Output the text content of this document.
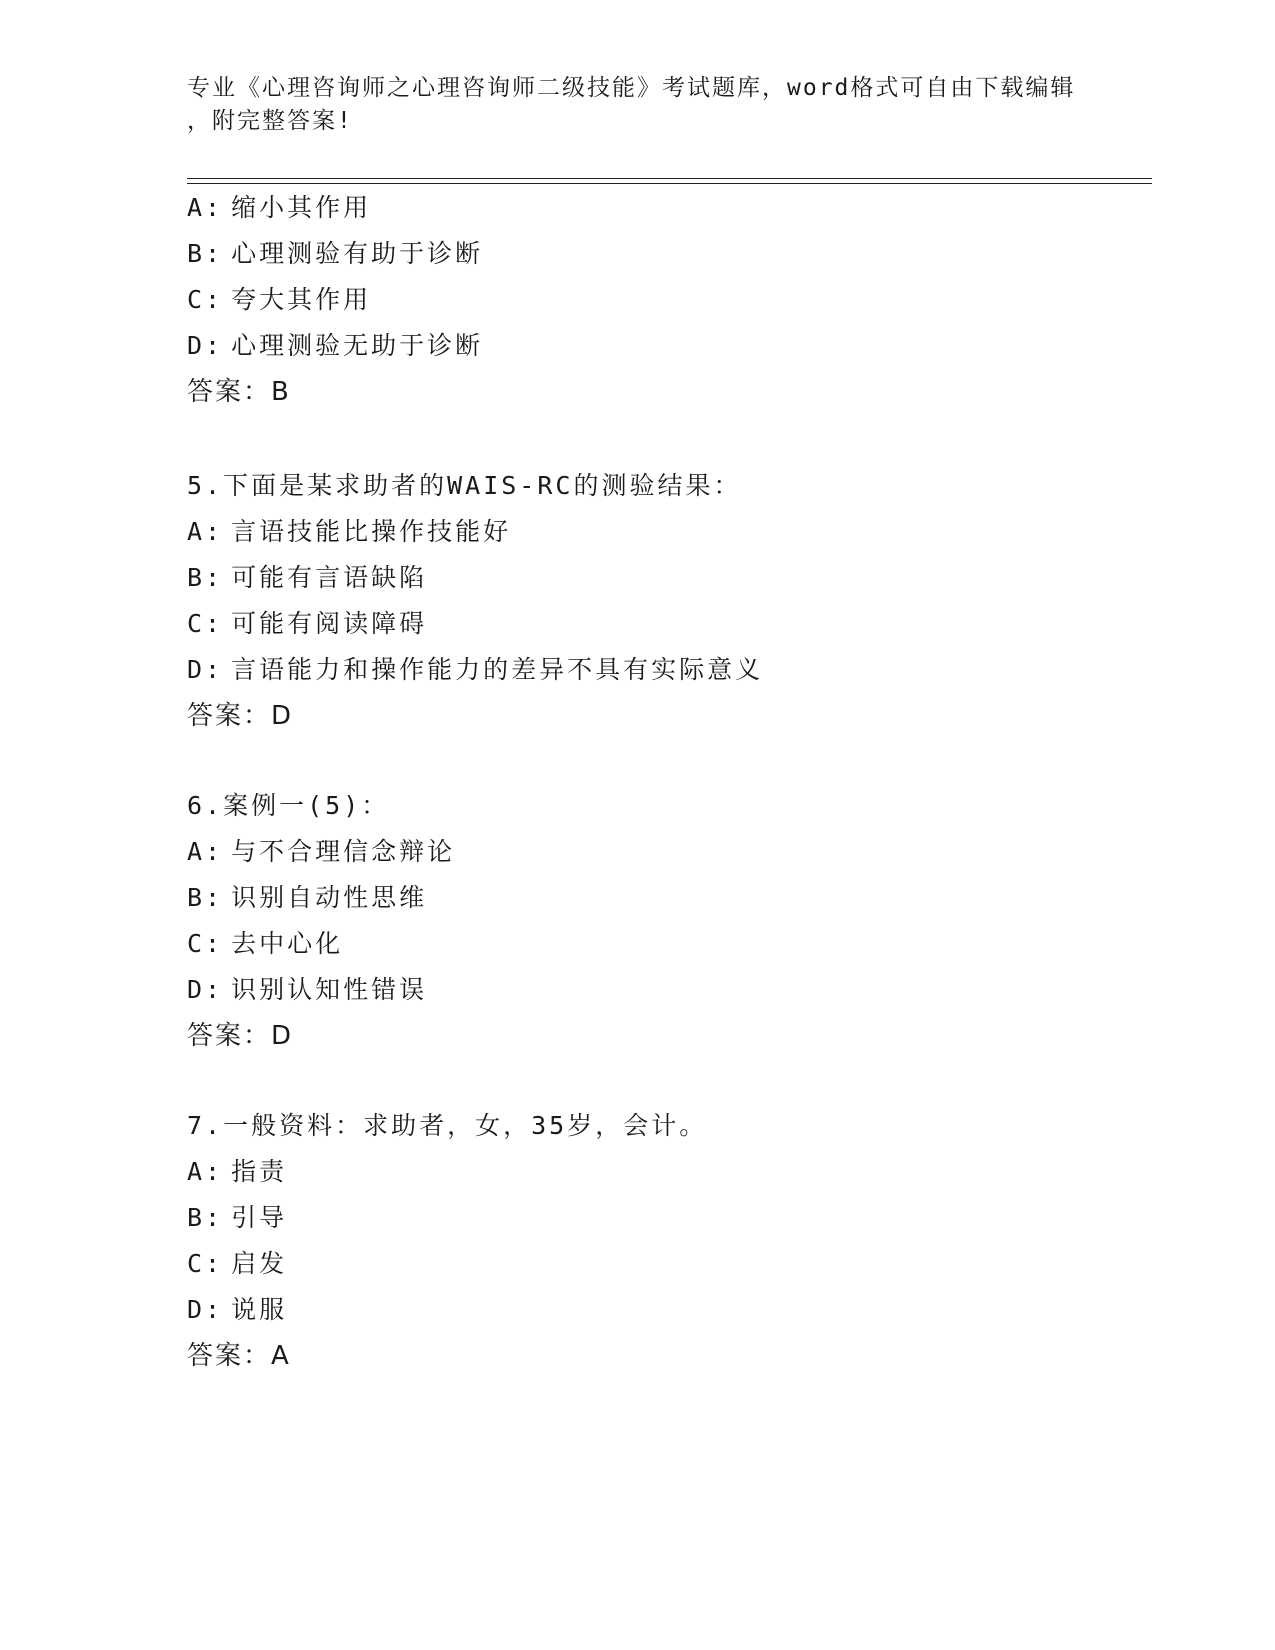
专业《心理咨询师之心理咨询师二级技能》考试题库，word格式可自由下载编辑
，附完整答案!
A: 缩小其作用
B: 心理测验有助于诊断
C: 夸大其作用
D: 心理测验无助于诊断
答案：B
5.下面是某求助者的WAIS-RC的测验结果：
A: 言语技能比操作技能好
B: 可能有言语缺陷
C: 可能有阅读障碍
D: 言语能力和操作能力的差异不具有实际意义
答案：D
6.案例一(5)：
A: 与不合理信念辩论
B: 识别自动性思维
C: 去中心化
D: 识别认知性错误
答案：D
7.一般资料：求助者，女，35岁，会计。
A: 指责
B: 引导
C: 启发
D: 说服
答案：A
